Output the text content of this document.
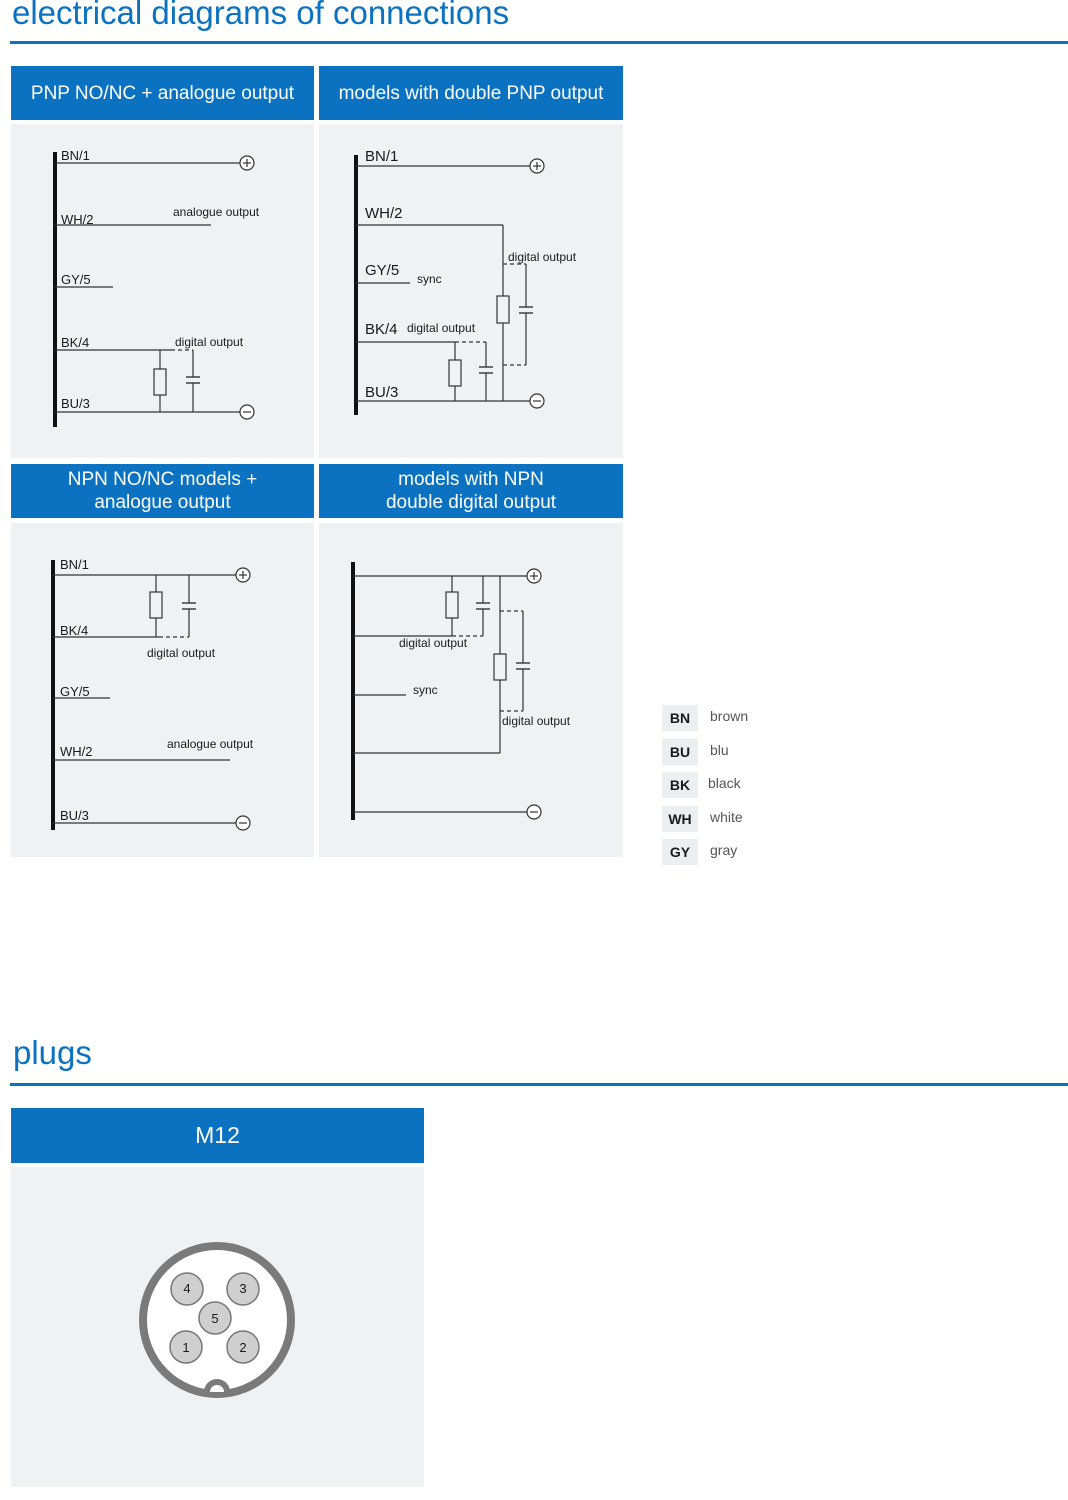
electrical diagrams of connections
PNP NO/NC + analogue output models with double PNP output
BN/1
WH/2
GY/5
BK/4
BU/3
analogue output
digital output
BN/1
WH/2
GY/5
BK/4
BU/3
sync
digital output
digital output
NPN NO/NC models +
analogue output
models with NPN
double digital output
BN/1
BK/4
GY/5
WH/2
BU/3
digital output
analogue output
digital output
sync
digital output	BN	brown
BU	blu
BK	black
WH	white
GY	gray
plugs
M12
4	3
5
1	2
